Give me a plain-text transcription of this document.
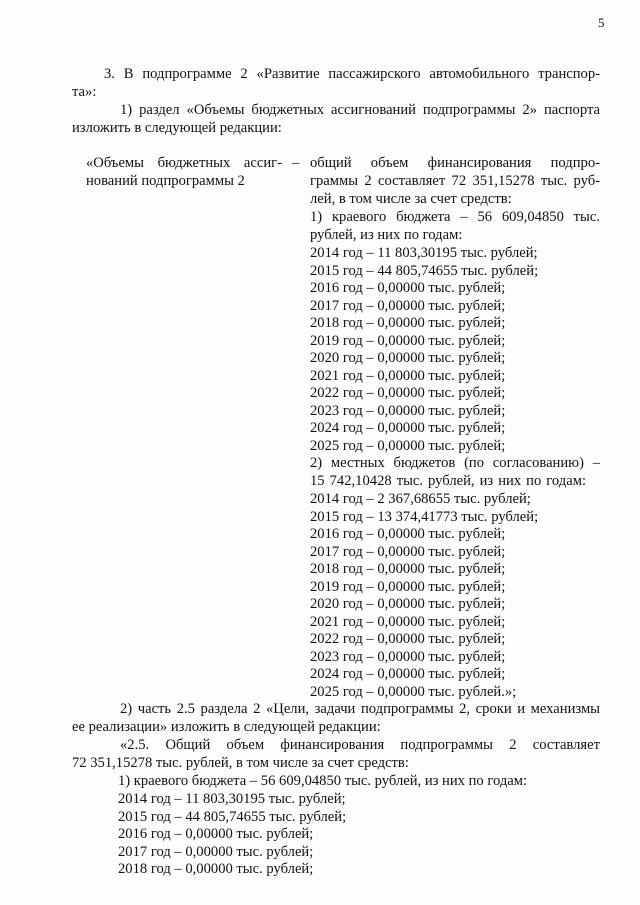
5
3. В подпрограмме 2 «Развитие пассажирского автомобильного транспор-
та»:
1) раздел «Объемы бюджетных ассигнований подпрограммы 2» паспорта
изложить в следующей редакции:
«Объемы бюджетных ассиг-
нований подпрограммы 2
– общий объем финансирования подпро-
граммы 2 составляет 72 351,15278 тыс. руб-
лей, в том числе за счет средств:
1) краевого бюджета – 56 609,04850 тыс.
рублей, из них по годам:
2014 год – 11 803,30195 тыс. рублей;
2015 год – 44 805,74655 тыс. рублей;
2016 год – 0,00000 тыс. рублей;
2017 год – 0,00000 тыс. рублей;
2018 год – 0,00000 тыс. рублей;
2019 год – 0,00000 тыс. рублей;
2020 год – 0,00000 тыс. рублей;
2021 год – 0,00000 тыс. рублей;
2022 год – 0,00000 тыс. рублей;
2023 год – 0,00000 тыс. рублей;
2024 год – 0,00000 тыс. рублей;
2025 год – 0,00000 тыс. рублей;
2) местных бюджетов (по согласованию) –
15 742,10428 тыс. рублей, из них по годам:
2014 год – 2 367,68655 тыс. рублей;
2015 год – 13 374,41773 тыс. рублей;
2016 год – 0,00000 тыс. рублей;
2017 год – 0,00000 тыс. рублей;
2018 год – 0,00000 тыс. рублей;
2019 год – 0,00000 тыс. рублей;
2020 год – 0,00000 тыс. рублей;
2021 год – 0,00000 тыс. рублей;
2022 год – 0,00000 тыс. рублей;
2023 год – 0,00000 тыс. рублей;
2024 год – 0,00000 тыс. рублей;
2025 год – 0,00000 тыс. рублей.»;
2) часть 2.5 раздела 2 «Цели, задачи подпрограммы 2, сроки и механизмы
ее реализации» изложить в следующей редакции:
«2.5. Общий объем финансирования подпрограммы 2 составляет
72 351,15278 тыс. рублей, в том числе за счет средств:
1) краевого бюджета – 56 609,04850 тыс. рублей, из них по годам:
2014 год – 11 803,30195 тыс. рублей;
2015 год – 44 805,74655 тыс. рублей;
2016 год – 0,00000 тыс. рублей;
2017 год – 0,00000 тыс. рублей;
2018 год – 0,00000 тыс. рублей;
